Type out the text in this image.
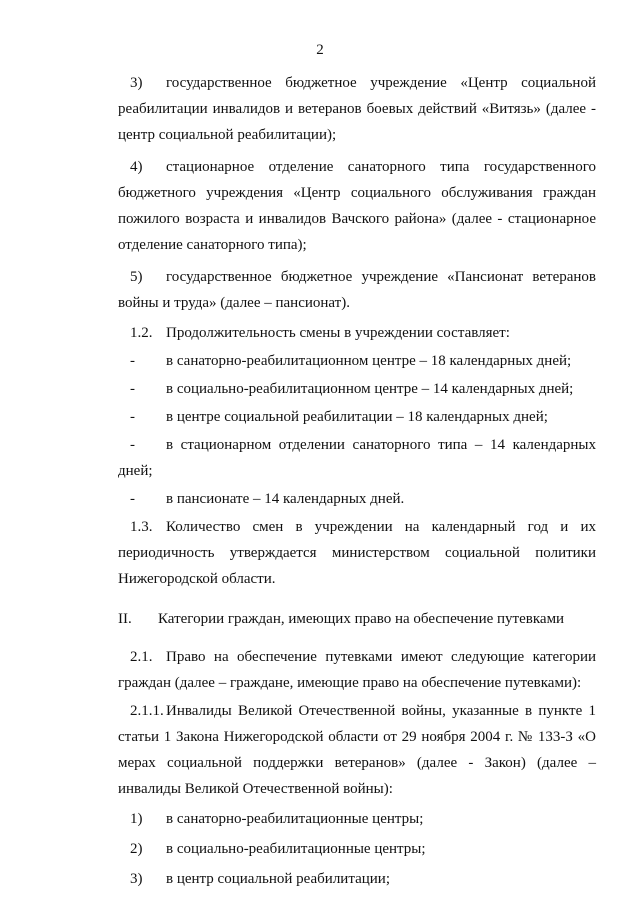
2

3) государственное бюджетное учреждение «Центр социальной реабилитации инвалидов и ветеранов боевых действий «Витязь» (далее - центр социальной реабилитации);

4) стационарное отделение санаторного типа государственного бюджетного учреждения «Центр социального обслуживания граждан пожилого возраста и инвалидов Вачского района» (далее - стационарное отделение санаторного типа);

5) государственное бюджетное учреждение «Пансионат ветеранов войны и труда» (далее – пансионат).

1.2. Продолжительность смены в учреждении составляет:

- в санаторно-реабилитационном центре – 18 календарных дней;

- в социально-реабилитационном центре – 14 календарных дней;

- в центре социальной реабилитации – 18 календарных дней;

- в стационарном отделении санаторного типа – 14 календарных дней;

- в пансионате – 14 календарных дней.

1.3. Количество смен в учреждении на календарный год и их периодичность утверждается министерством социальной политики Нижегородской области.

II. Категории граждан, имеющих право на обеспечение путевками

2.1. Право на обеспечение путевками имеют следующие категории граждан (далее – граждане, имеющие право на обеспечение путевками):

2.1.1. Инвалиды Великой Отечественной войны, указанные в пункте 1 статьи 1 Закона Нижегородской области от 29 ноября 2004 г. № 133-З «О мерах социальной поддержки ветеранов» (далее - Закон) (далее – инвалиды Великой Отечественной войны):

1) в санаторно-реабилитационные центры;

2) в социально-реабилитационные центры;

3) в центр социальной реабилитации;
